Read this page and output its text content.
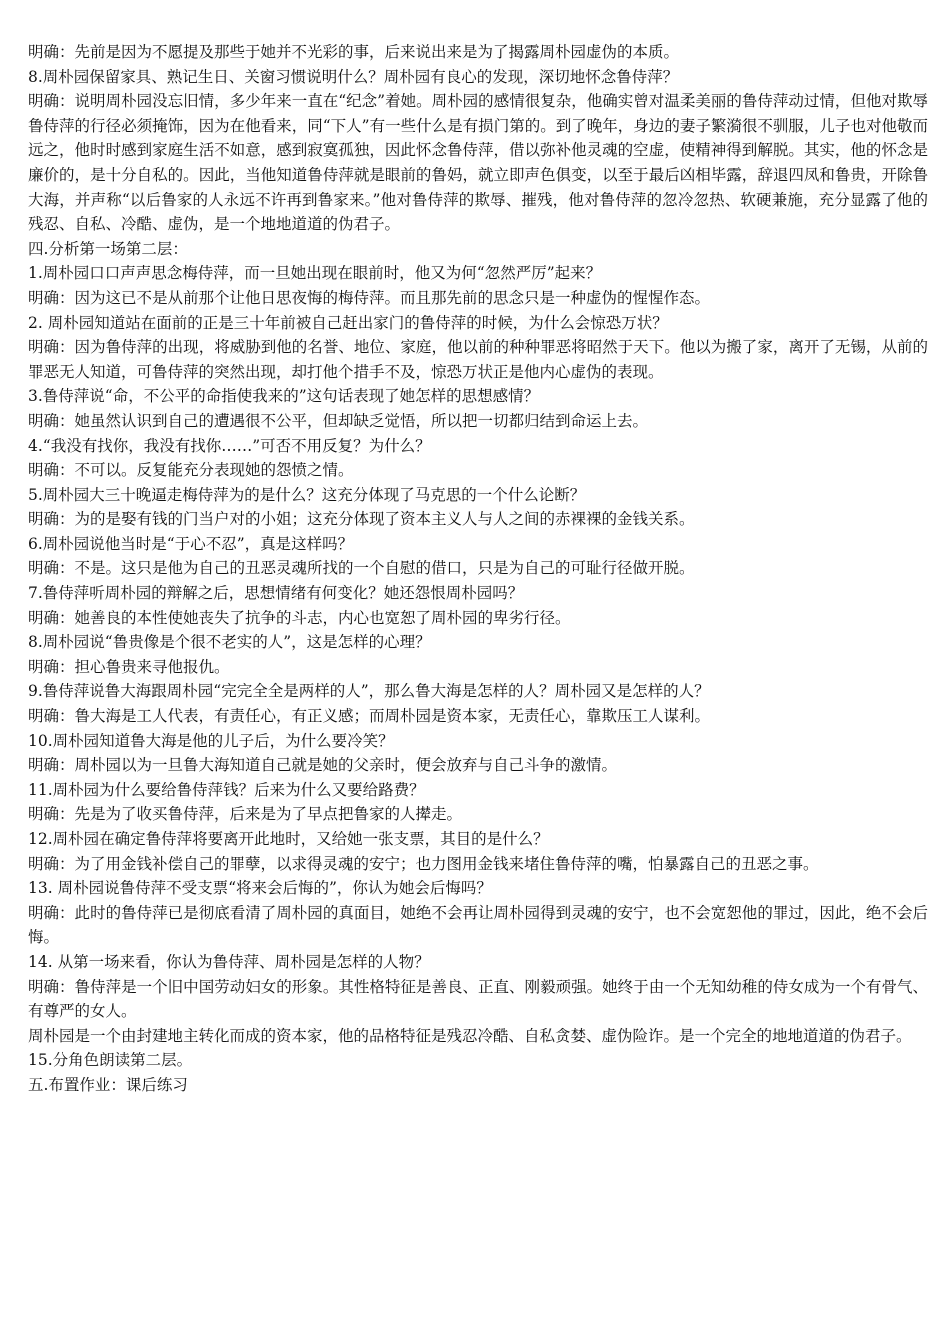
明确：先前是因为不愿提及那些于她并不光彩的事，后来说出来是为了揭露周朴园虚伪的本质。

8.周朴园保留家具、熟记生日、关窗习惯说明什么？周朴园有良心的发现，深切地怀念鲁侍萍？

明确：说明周朴园没忘旧情，多少年来一直在“纪念”着她。周朴园的感情很复杂，他确实曾对温柔美丽的鲁侍萍动过情，但他对欺辱鲁侍萍的行径必须掩饰，因为在他看来，同“下人”有一些什么是有损门第的。到了晚年，身边的妻子繁漪很不驯服，儿子也对他敬而远之，他时时感到家庭生活不如意，感到寂寞孤独，因此怀念鲁侍萍，借以弥补他灵魂的空虚，使精神得到解脱。其实，他的怀念是廉价的，是十分自私的。因此，当他知道鲁侍萍就是眼前的鲁妈，就立即声色俱变，以至于最后凶相毕露，辞退四凤和鲁贵，开除鲁大海，并声称“以后鲁家的人永远不许再到鲁家来。”他对鲁侍萍的欺辱、摧残，他对鲁侍萍的忽冷忽热、软硬兼施，充分显露了他的残忍、自私、冷酷、虚伪，是一个地地道道的伪君子。

四.分析第一场第二层：

1.周朴园口口声声思念梅侍萍，而一旦她出现在眼前时，他又为何“忽然严厉”起来？

明确：因为这已不是从前那个让他日思夜悔的梅侍萍。而且那先前的思念只是一种虚伪的惺惺作态。

2. 周朴园知道站在面前的正是三十年前被自己赶出家门的鲁侍萍的时候，为什么会惊恐万状？

明确：因为鲁侍萍的出现，将威胁到他的名誉、地位、家庭，他以前的种种罪恶将昭然于天下。他以为搬了家，离开了无锡，从前的罪恶无人知道，可鲁侍萍的突然出现，却打他个措手不及，惊恐万状正是他内心虚伪的表现。

3.鲁侍萍说“命，不公平的命指使我来的”这句话表现了她怎样的思想感情？

明确：她虽然认识到自己的遭遇很不公平，但却缺乏觉悟，所以把一切都归结到命运上去。

4.“我没有找你，我没有找你……”可否不用反复？为什么？

明确：不可以。反复能充分表现她的怨愤之情。

5.周朴园大三十晚逼走梅侍萍为的是什么？这充分体现了马克思的一个什么论断？

明确：为的是娶有钱的门当户对的小姐；这充分体现了资本主义人与人之间的赤裸裸的金钱关系。

6.周朴园说他当时是“于心不忍”，真是这样吗？

明确：不是。这只是他为自己的丑恶灵魂所找的一个自慰的借口，只是为自己的可耻行径做开脱。

7.鲁侍萍听周朴园的辩解之后，思想情绪有何变化？她还怨恨周朴园吗？

明确：她善良的本性使她丧失了抗争的斗志，内心也宽恕了周朴园的卑劣行径。

8.周朴园说“鲁贵像是个很不老实的人”，这是怎样的心理？

明确：担心鲁贵来寻他报仇。

9.鲁侍萍说鲁大海跟周朴园“完完全全是两样的人”，那么鲁大海是怎样的人？周朴园又是怎样的人？

明确：鲁大海是工人代表，有责任心，有正义感；而周朴园是资本家，无责任心，靠欺压工人谋利。

10.周朴园知道鲁大海是他的儿子后，为什么要冷笑？

明确：周朴园以为一旦鲁大海知道自己就是她的父亲时，便会放弃与自己斗争的激情。

11.周朴园为什么要给鲁侍萍钱？后来为什么又要给路费？

明确：先是为了收买鲁侍萍，后来是为了早点把鲁家的人撵走。

12.周朴园在确定鲁侍萍将要离开此地时，又给她一张支票，其目的是什么？

明确：为了用金钱补偿自己的罪孽，以求得灵魂的安宁；也力图用金钱来堵住鲁侍萍的嘴，怕暴露自己的丑恶之事。

13. 周朴园说鲁侍萍不受支票“将来会后悔的”，你认为她会后悔吗？

明确：此时的鲁侍萍已是彻底看清了周朴园的真面目，她绝不会再让周朴园得到灵魂的安宁，也不会宽恕他的罪过，因此，绝不会后悔。

14. 从第一场来看，你认为鲁侍萍、周朴园是怎样的人物？

明确：鲁侍萍是一个旧中国劳动妇女的形象。其性格特征是善良、正直、刚毅顽强。她终于由一个无知幼稚的侍女成为一个有骨气、有尊严的女人。

周朴园是一个由封建地主转化而成的资本家，他的品格特征是残忍冷酷、自私贪婪、虚伪险诈。是一个完全的地地道道的伪君子。

15.分角色朗读第二层。

五.布置作业：课后练习
